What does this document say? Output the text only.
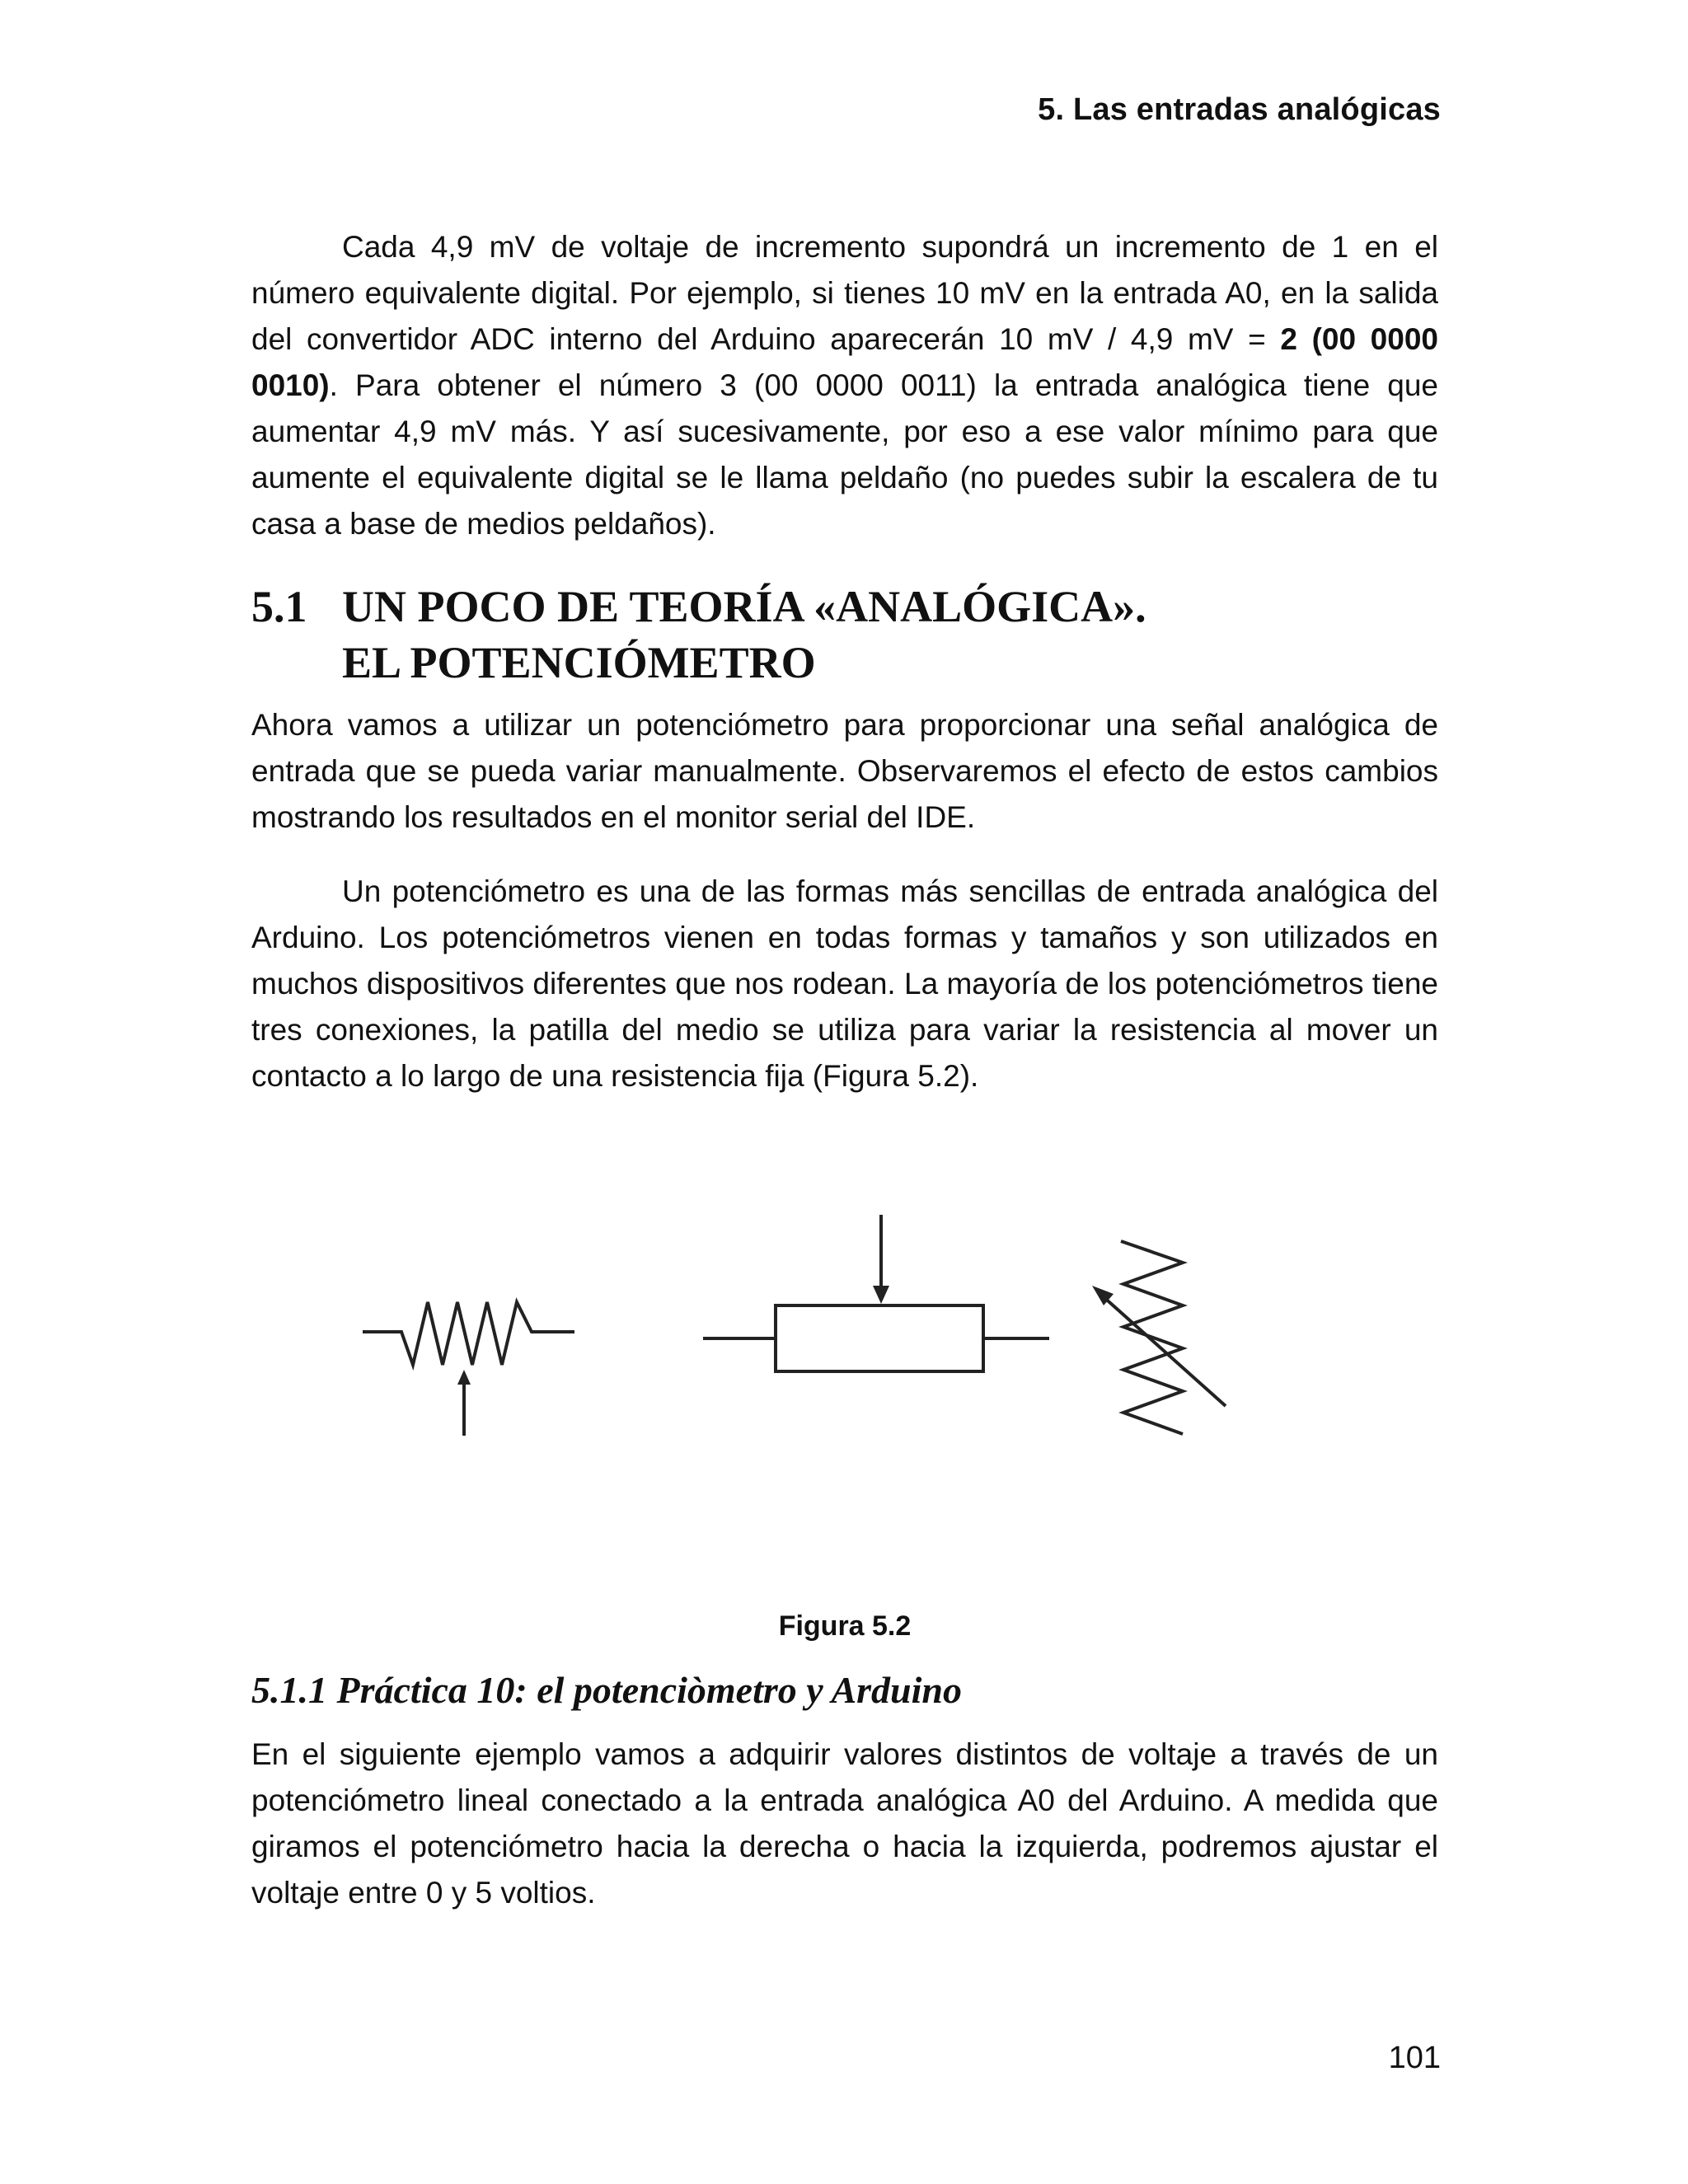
5. Las entradas analógicas

Cada 4,9 mV de voltaje de incremento supondrá un incremento de 1 en el número equivalente digital. Por ejemplo, si tienes 10 mV en la entrada A0, en la salida del convertidor ADC interno del Arduino aparecerán 10 mV / 4,9 mV = 2 (00 0000 0010). Para obtener el número 3 (00 0000 0011) la entrada analógica tiene que aumentar 4,9 mV más. Y así sucesivamente, por eso a ese valor mínimo para que aumente el equivalente digital se le llama peldaño (no puedes subir la escalera de tu casa a base de medios peldaños).

5.1 UN POCO DE TEORÍA «ANALÓGICA».
EL POTENCIÓMETRO

Ahora vamos a utilizar un potenciómetro para proporcionar una señal analógica de entrada que se pueda variar manualmente. Observaremos el efecto de estos cambios mostrando los resultados en el monitor serial del IDE.

Un potenciómetro es una de las formas más sencillas de entrada analógica del Arduino. Los potenciómetros vienen en todas formas y tamaños y son utilizados en muchos dispositivos diferentes que nos rodean. La mayoría de los potenciómetros tiene tres conexiones, la patilla del medio se utiliza para variar la resistencia al mover un contacto a lo largo de una resistencia fija (Figura 5.2).

Figura 5.2

5.1.1 Práctica 10: el potenciòmetro y Arduino

En el siguiente ejemplo vamos a adquirir valores distintos de voltaje a través de un potenciómetro lineal conectado a la entrada analógica A0 del Arduino. A medida que giramos el potenciómetro hacia la derecha o hacia la izquierda, podremos ajustar el voltaje entre 0 y 5 voltios.

101
